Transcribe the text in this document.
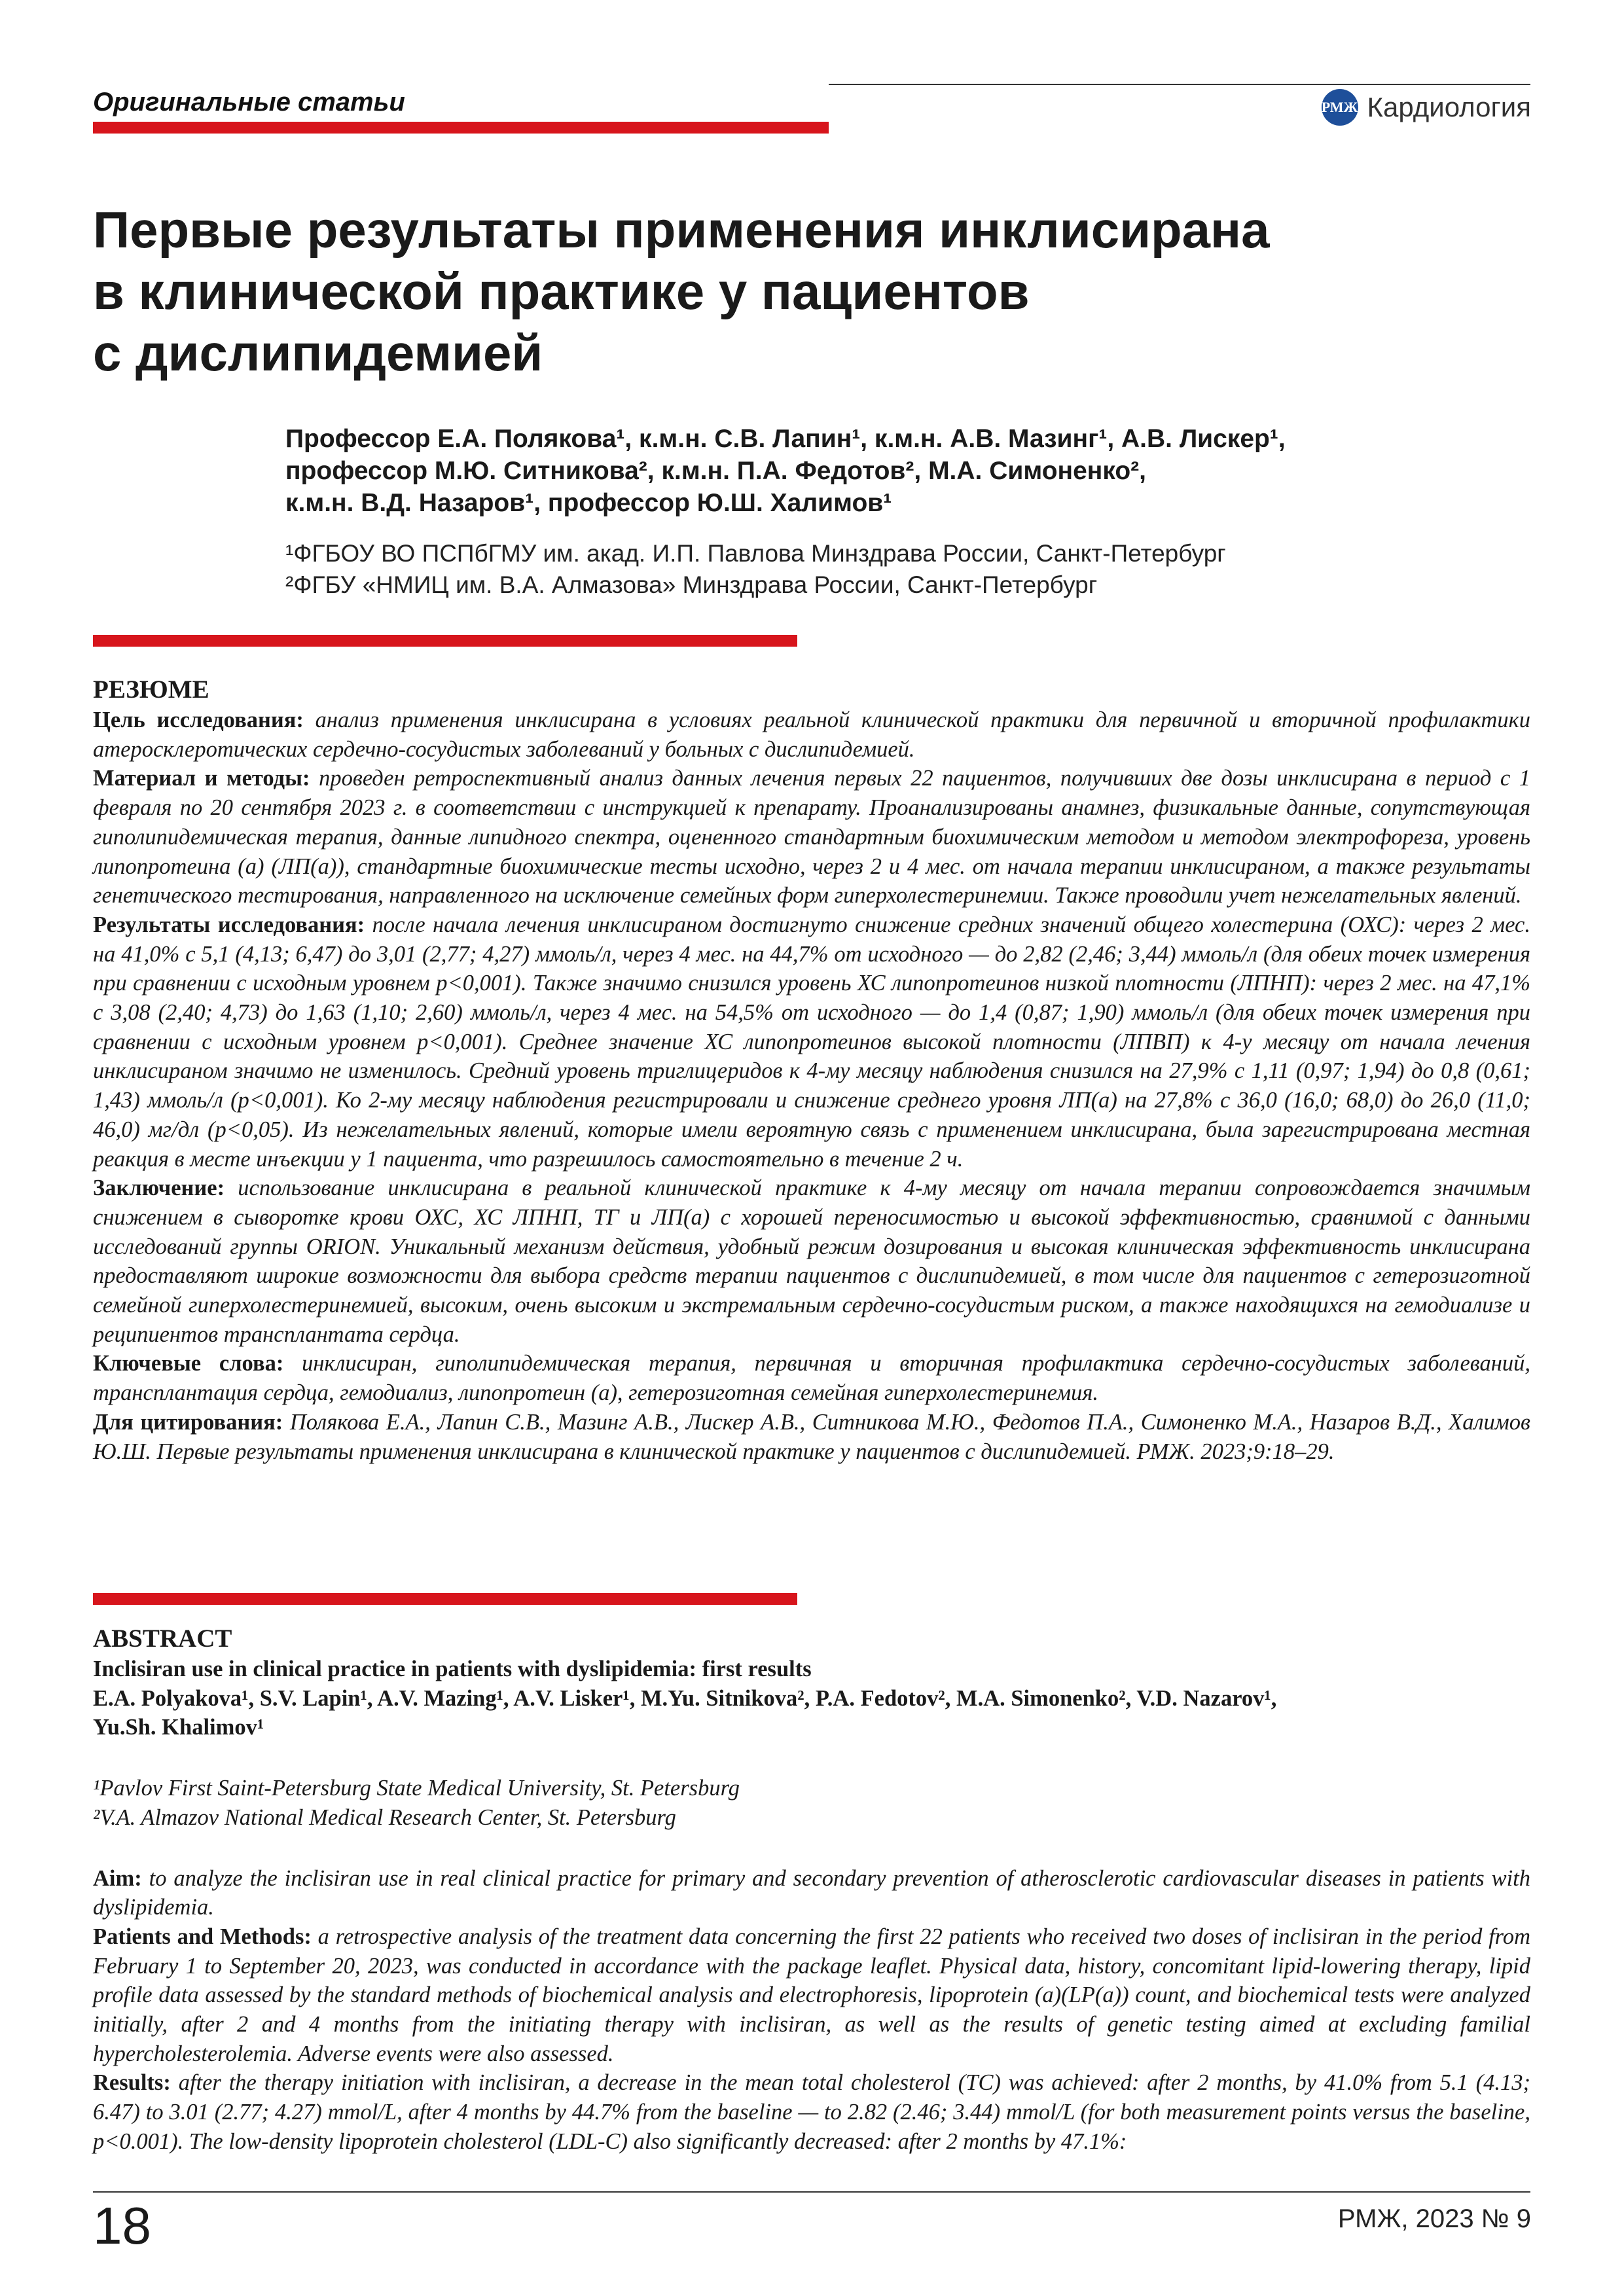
Оригинальные статьи	РМЖ Кардиология
Первые результаты применения инклисирана
в клинической практике у пациентов
с дислипидемией
Профессор Е.А. Полякова¹, к.м.н. С.В. Лапин¹, к.м.н. А.В. Мазинг¹, А.В. Лискер¹,
профессор М.Ю. Ситникова², к.м.н. П.А. Федотов², М.А. Симоненко²,
к.м.н. В.Д. Назаров¹, профессор Ю.Ш. Халимов¹
¹ФГБОУ ВО ПСПбГМУ им. акад. И.П. Павлова Минздрава России, Санкт-Петербург
²ФГБУ «НМИЦ им. В.А. Алмазова» Минздрава России, Санкт-Петербург

РЕЗЮМЕ

Цель исследования: анализ применения инклисирана в условиях реальной клинической практики для первичной и вторичной профилактики атеросклеротических сердечно-сосудистых заболеваний у больных с дислипидемией.

Материал и методы: проведен ретроспективный анализ данных лечения первых 22 пациентов, получивших две дозы инклисирана в период с 1 февраля по 20 сентября 2023 г. в соответствии с инструкцией к препарату. Проанализированы анамнез, физикальные данные, сопутствующая гиполипидемическая терапия, данные липидного спектра, оцененного стандартным биохимическим методом и методом электрофореза, уровень липопротеина (а) (ЛП(а)), стандартные биохимические тесты исходно, через 2 и 4 мес. от начала терапии инклисираном, а также результаты генетического тестирования, направленного на исключение семейных форм гиперхолестеринемии. Также проводили учет нежелательных явлений.

Результаты исследования: после начала лечения инклисираном достигнуто снижение средних значений общего холестерина (ОХС): через 2 мес. на 41,0% с 5,1 (4,13; 6,47) до 3,01 (2,77; 4,27) ммоль/л, через 4 мес. на 44,7% от исходного — до 2,82 (2,46; 3,44) ммоль/л (для обеих точек измерения при сравнении с исходным уровнем p<0,001). Также значимо снизился уровень ХС липопротеинов низкой плотности (ЛПНП): через 2 мес. на 47,1% с 3,08 (2,40; 4,73) до 1,63 (1,10; 2,60) ммоль/л, через 4 мес. на 54,5% от исходного — до 1,4 (0,87; 1,90) ммоль/л (для обеих точек измерения при сравнении с исходным уровнем p<0,001). Среднее значение ХС липопротеинов высокой плотности (ЛПВП) к 4-у месяцу от начала лечения инклисираном значимо не изменилось. Средний уровень триглицеридов к 4-му месяцу наблюдения снизился на 27,9% с 1,11 (0,97; 1,94) до 0,8 (0,61; 1,43) ммоль/л (p<0,001). Ко 2-му месяцу наблюдения регистрировали и снижение среднего уровня ЛП(а) на 27,8% с 36,0 (16,0; 68,0) до 26,0 (11,0; 46,0) мг/дл (p<0,05). Из нежелательных явлений, которые имели вероятную связь с применением инклисирана, была зарегистрирована местная реакция в месте инъекции у 1 пациента, что разрешилось самостоятельно в течение 2 ч.

Заключение: использование инклисирана в реальной клинической практике к 4-му месяцу от начала терапии сопровождается значимым снижением в сыворотке крови ОХС, ХС ЛПНП, ТГ и ЛП(а) с хорошей переносимостью и высокой эффективностью, сравнимой с данными исследований группы ORION. Уникальный механизм действия, удобный режим дозирования и высокая клиническая эффективность инклисирана предоставляют широкие возможности для выбора средств терапии пациентов с дислипидемией, в том числе для пациентов с гетерозиготной семейной гиперхолестеринемией, высоким, очень высоким и экстремальным сердечно-сосудистым риском, а также находящихся на гемодиализе и реципиентов трансплантата сердца.

Ключевые слова: инклисиран, гиполипидемическая терапия, первичная и вторичная профилактика сердечно-сосудистых заболеваний, трансплантация сердца, гемодиализ, липопротеин (а), гетерозиготная семейная гиперхолестеринемия.

Для цитирования: Полякова Е.А., Лапин С.В., Мазинг А.В., Лискер А.В., Ситникова М.Ю., Федотов П.А., Симоненко М.А., Назаров В.Д., Халимов Ю.Ш. Первые результаты применения инклисирана в клинической практике у пациентов с дислипидемией. РМЖ. 2023;9:18–29.

ABSTRACT

Inclisiran use in clinical practice in patients with dyslipidemia: first results

E.A. Polyakova¹, S.V. Lapin¹, A.V. Mazing¹, A.V. Lisker¹, M.Yu. Sitnikova², P.A. Fedotov², M.A. Simonenko², V.D. Nazarov¹,

Yu.Sh. Khalimov¹

¹Pavlov First Saint-Petersburg State Medical University, St. Petersburg

²V.A. Almazov National Medical Research Center, St. Petersburg

Aim: to analyze the inclisiran use in real clinical practice for primary and secondary prevention of atherosclerotic cardiovascular diseases in patients with dyslipidemia.

Patients and Methods: a retrospective analysis of the treatment data concerning the first 22 patients who received two doses of inclisiran in the period from February 1 to September 20, 2023, was conducted in accordance with the package leaflet. Physical data, history, concomitant lipid-lowering therapy, lipid profile data assessed by the standard methods of biochemical analysis and electrophoresis, lipoprotein (a)(LP(a)) count, and biochemical tests were analyzed initially, after 2 and 4 months from the initiating therapy with inclisiran, as well as the results of genetic testing aimed at excluding familial hypercholesterolemia. Adverse events were also assessed.

Results: after the therapy initiation with inclisiran, a decrease in the mean total cholesterol (TC) was achieved: after 2 months, by 41.0% from 5.1 (4.13; 6.47) to 3.01 (2.77; 4.27) mmol/L, after 4 months by 44.7% from the baseline — to 2.82 (2.46; 3.44) mmol/L (for both measurement points versus the baseline, p<0.001). The low-density lipoprotein cholesterol (LDL-C) also significantly decreased: after 2 months by 47.1%:

18	РМЖ, 2023 № 9
